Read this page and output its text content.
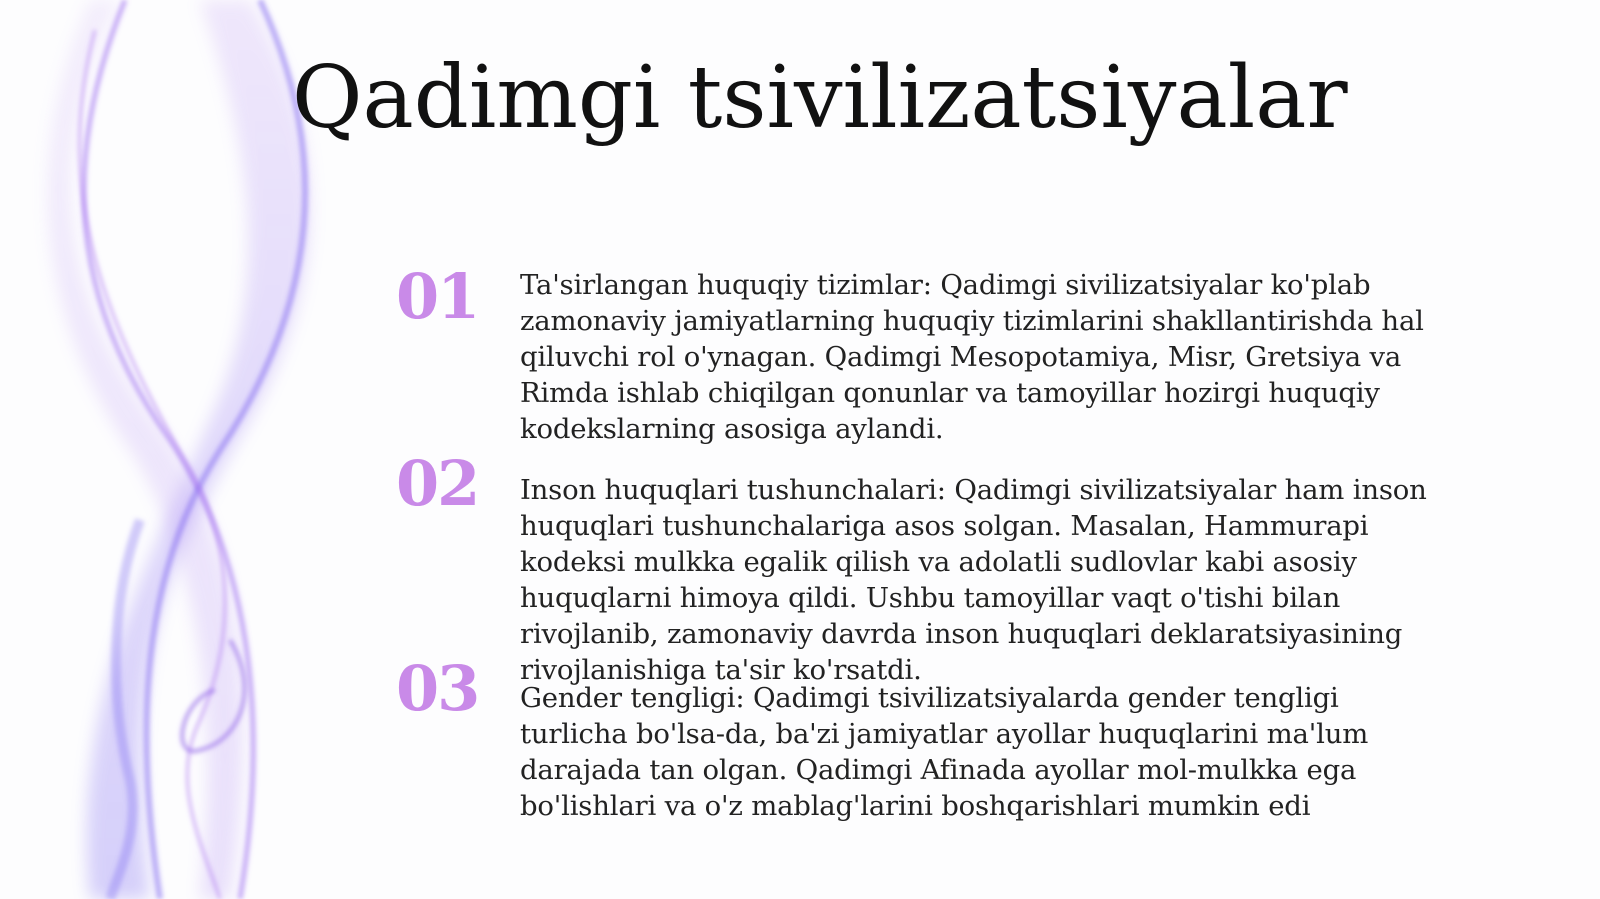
Qadimgi tsivilizatsiyalar
01	Ta'sirlangan huquqiy tizimlar: Qadimgi sivilizatsiyalar ko'plab zamonaviy jamiyatlarning huquqiy tizimlarini shakllantirishda hal qiluvchi rol o'ynagan. Qadimgi Mesopotamiya, Misr, Gretsiya va Rimda ishlab chiqilgan qonunlar va tamoyillar hozirgi huquqiy kodekslarning asosiga aylandi.

02	Inson huquqlari tushunchalari: Qadimgi sivilizatsiyalar ham inson huquqlari tushunchalariga asos solgan. Masalan, Hammurapi kodeksi mulkka egalik qilish va adolatli sudlovlar kabi asosiy huquqlarni himoya qildi. Ushbu tamoyillar vaqt o'tishi bilan rivojlanib, zamonaviy davrda inson huquqlari deklaratsiyasining rivojlanishiga ta'sir ko'rsatdi.

03	Gender tengligi: Qadimgi tsivilizatsiyalarda gender tengligi turlicha bo'lsa-da, ba'zi jamiyatlar ayollar huquqlarini ma'lum darajada tan olgan. Qadimgi Afinada ayollar mol-mulkka ega bo'lishlari va o'z mablag'larini boshqarishlari mumkin edi
